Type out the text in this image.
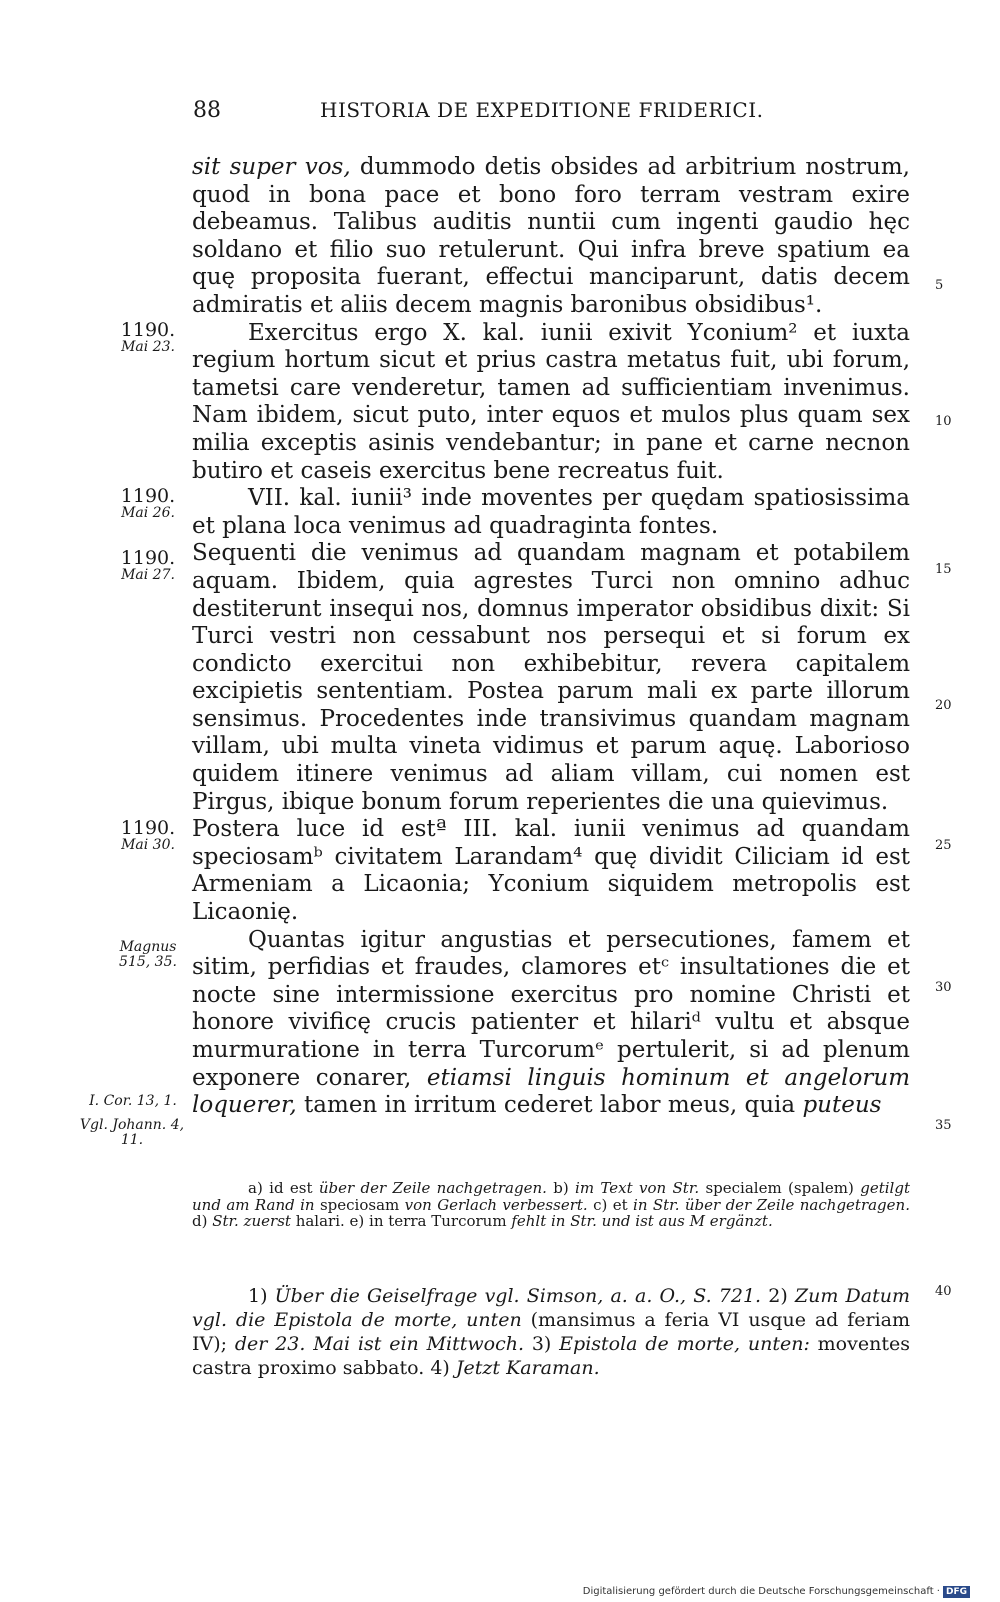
88	HISTORIA DE EXPEDITIONE FRIDERICI.
1190.
Mai 23.
1190.
Mai 26.
1190.
Mai 27.
1190.
Mai 30.
Magnus
515, 35.
I. Cor. 13, 1.
Vgl. Johann. 4, 11.
5
10
15
20
25
30
35
40

sit super vos, dummodo detis obsides ad arbitrium nostrum, quod in bona pace et bono foro terram vestram exire debeamus. Talibus auditis nuntii cum ingenti gaudio hęc soldano et filio suo retulerunt. Qui infra breve spatium ea quę proposita fuerant, effectui manciparunt, datis decem admiratis et aliis decem magnis baronibus obsidibus¹.

Exercitus ergo X. kal. iunii exivit Yconium² et iuxta regium hortum sicut et prius castra metatus fuit, ubi forum, tametsi care venderetur, tamen ad sufficientiam invenimus. Nam ibidem, sicut puto, inter equos et mulos plus quam sex milia exceptis asinis vendebantur; in pane et carne necnon butiro et caseis exercitus bene recreatus fuit.

VII. kal. iunii³ inde moventes per quędam spatiosissima et plana loca venimus ad quadraginta fontes.

Sequenti die venimus ad quandam magnam et potabilem aquam. Ibidem, quia agrestes Turci non omnino adhuc destiterunt insequi nos, domnus imperator obsidibus dixit: Si Turci vestri non cessabunt nos persequi et si forum ex condicto exercitui non exhibebitur, revera capitalem excipietis sententiam. Postea parum mali ex parte illorum sensimus. Procedentes inde transivimus quandam magnam villam, ubi multa vineta vidimus et parum aquę. Laborioso quidem itinere venimus ad aliam villam, cui nomen est Pirgus, ibique bonum forum reperientes die una quievimus.

Postera luce id estª III. kal. iunii venimus ad quandam speciosamᵇ civitatem Larandam⁴ quę dividit Ciliciam id est Armeniam a Licaonia; Yconium siquidem metropolis est Licaonię.

Quantas igitur angustias et persecutiones, famem et sitim, perfidias et fraudes, clamores etᶜ insultationes die et nocte sine intermissione exercitus pro nomine Christi et honore vivificę crucis patienter et hilariᵈ vultu et absque murmuratione in terra Turcorumᵉ pertulerit, si ad plenum exponere conarer, etiamsi linguis hominum et angelorum loquerer, tamen in irritum cederet labor meus, quia puteus

a) id est über der Zeile nachgetragen. b) im Text von Str. specialem (spalem) getilgt und am Rand in speciosam von Gerlach verbessert. c) et in Str. über der Zeile nachgetragen. d) Str. zuerst halari. e) in terra Turcorum fehlt in Str. und ist aus M ergänzt.

1) Über die Geiselfrage vgl. Simson, a. a. O., S. 721. 2) Zum Datum vgl. die Epistola de morte, unten (mansimus a feria VI usque ad feriam IV); der 23. Mai ist ein Mittwoch. 3) Epistola de morte, unten: moventes castra proximo sabbato. 4) Jetzt Karaman.

Digitalisierung gefördert durch die Deutsche Forschungsgemeinschaft · DFG
